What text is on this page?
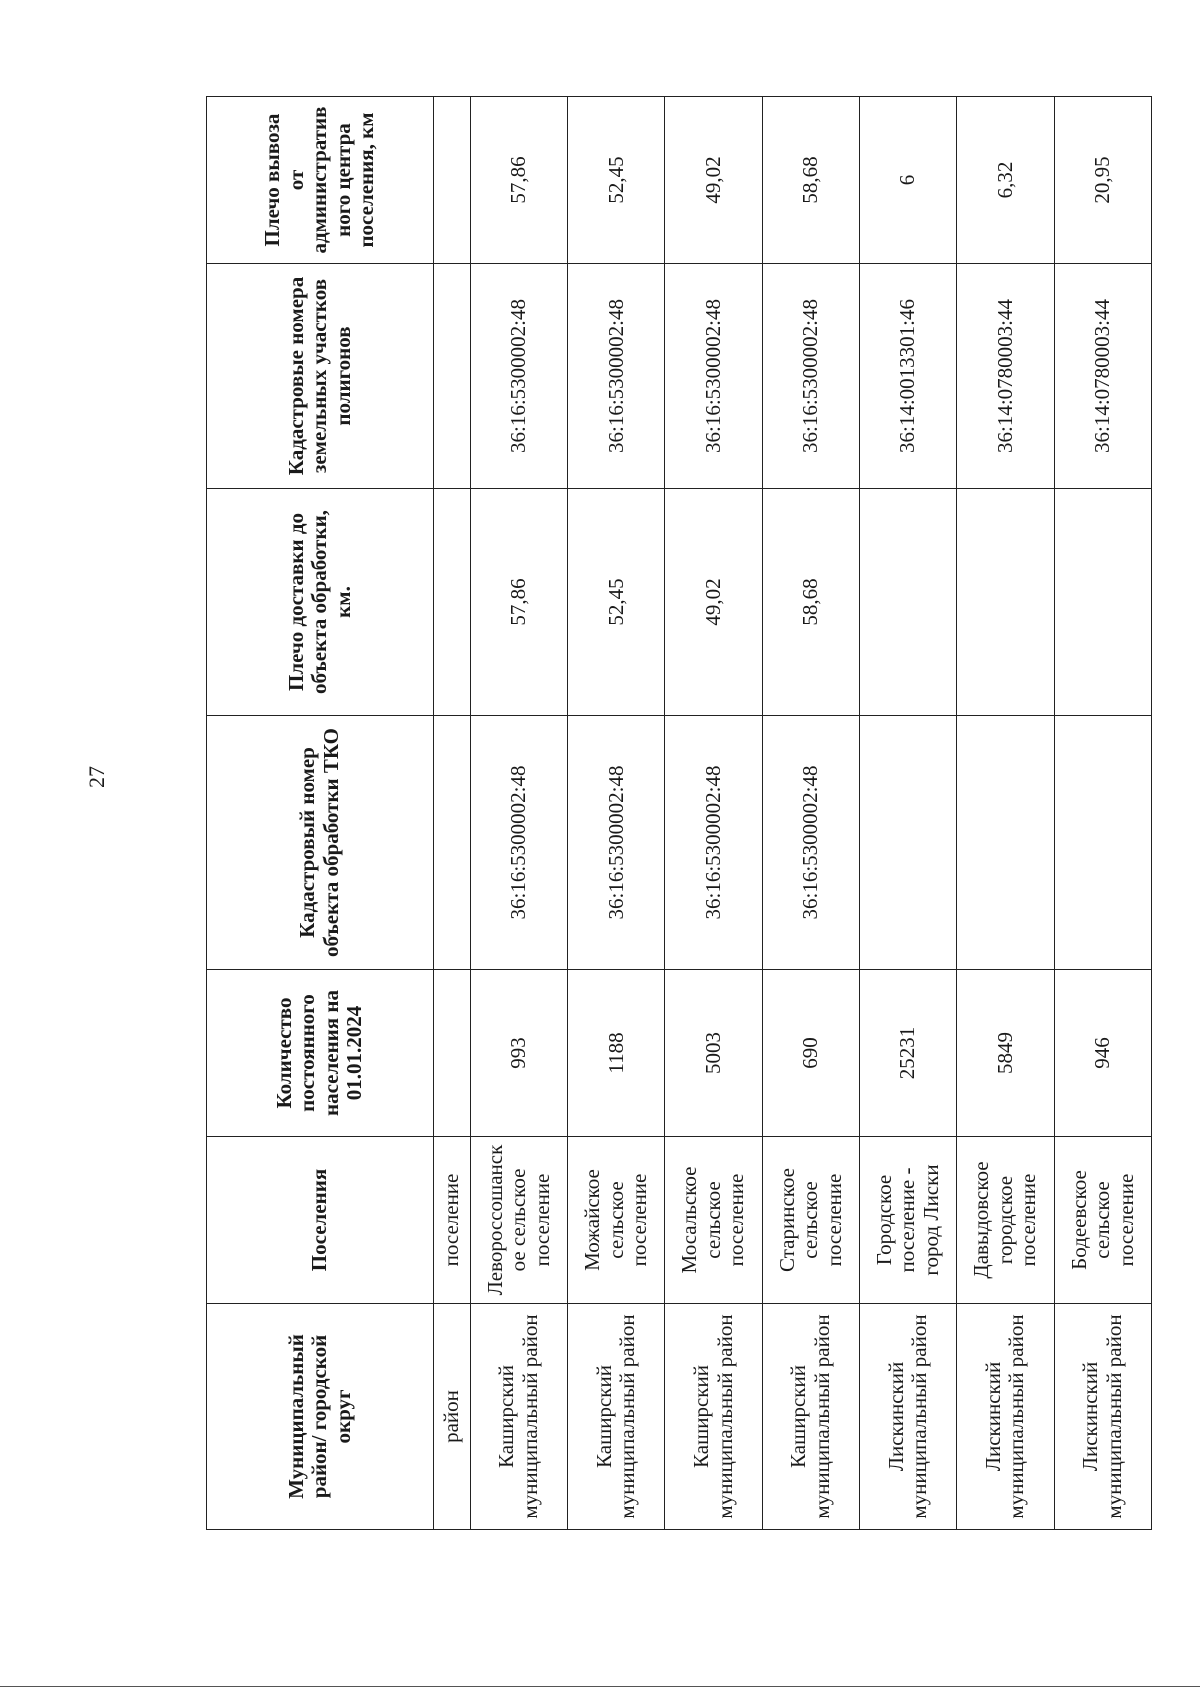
27
Муниципальный район/ городской округ	Поселения	Количество постоянного населения на 01.01.2024	Кадастровый номер объекта обработки ТКО	Плечо доставки до объекта обработки, км.	Кадастровые номера земельных участков полигонов	Плечо вывоза от административного центра поселения, км
район	поселение					
Каширский муниципальный район	Левороссошанское сельское поселение	993	36:16:5300002:48	57,86	36:16:5300002:48	57,86
Каширский муниципальный район	Можайское сельское поселение	1188	36:16:5300002:48	52,45	36:16:5300002:48	52,45
Каширский муниципальный район	Мосальское сельское поселение	5003	36:16:5300002:48	49,02	36:16:5300002:48	49,02
Каширский муниципальный район	Старинское сельское поселение	690	36:16:5300002:48	58,68	36:16:5300002:48	58,68
Лискинский муниципальный район	Городское поселение - город Лиски	25231			36:14:0013301:46	6
Лискинский муниципальный район	Давыдовское городское поселение	5849			36:14:0780003:44	6,32
Лискинский муниципальный район	Бодеевское сельское поселение	946			36:14:0780003:44	20,95
